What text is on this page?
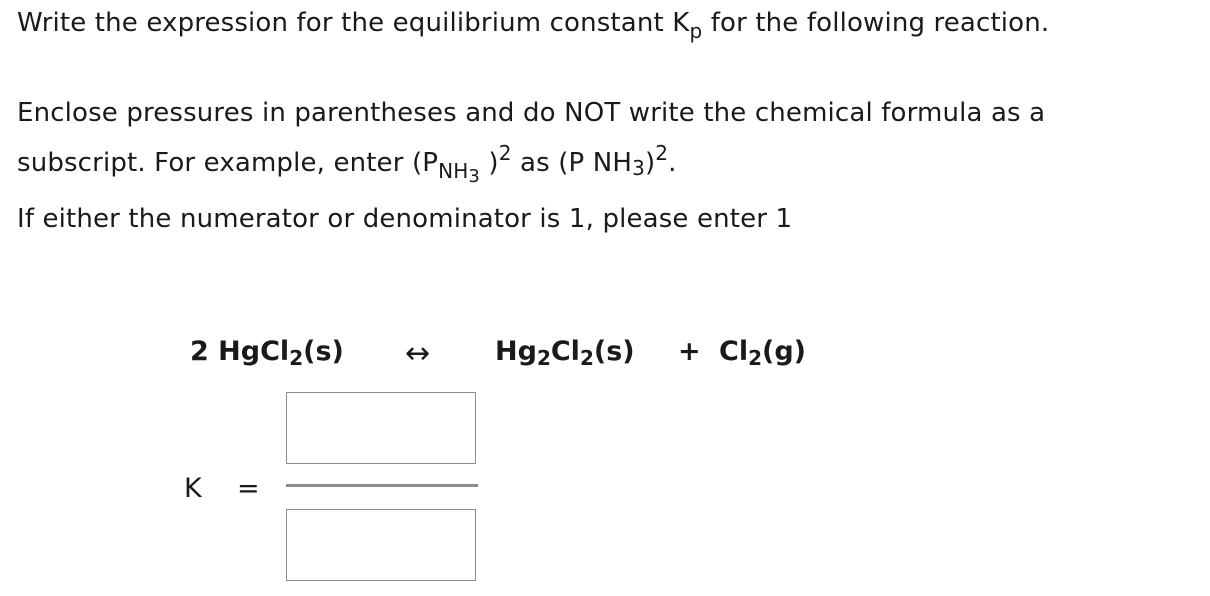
Write the expression for the equilibrium constant $K_p$ for the following reaction.
Enclose pressures in parentheses and do NOT write the chemical formula as a
subscript. For example, enter ($P_{NH3}$ )$^2$ as (P NH3)$^2$.
If either the numerator or denominator is 1, please enter 1
2 HgCl2(s) ↔ Hg2Cl2(s) + Cl2(g)
K =
